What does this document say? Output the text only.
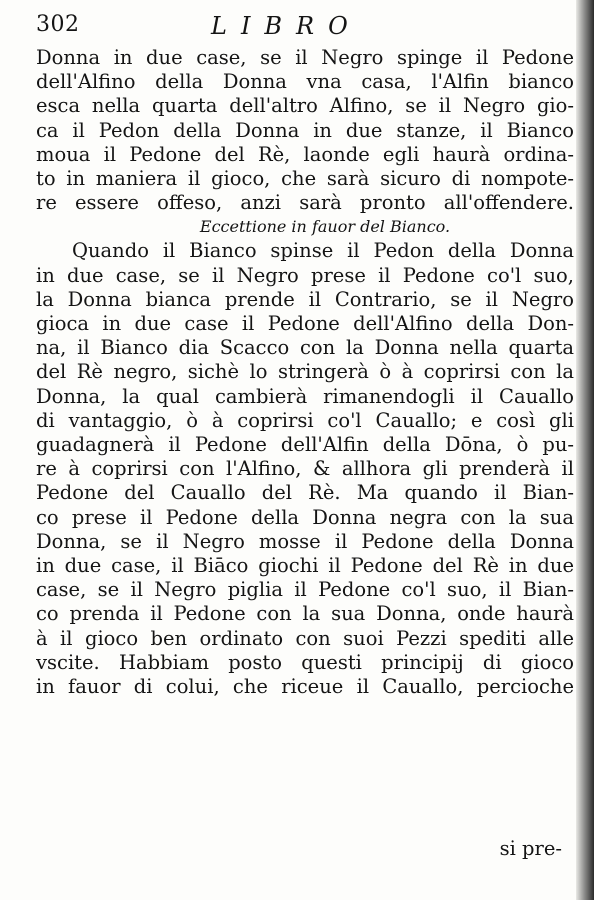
302	LIBRO
Donna in due case, se il Negro spinge il Pedone
dell'Alfino della Donna vna casa, l'Alfin bianco
esca nella quarta dell'altro Alfino, se il Negro gio-
ca il Pedon della Donna in due stanze, il Bianco
moua il Pedone del Rè, laonde egli haurà ordina-
to in maniera il gioco, che sarà sicuro di nompote-
re essere offeso, anzi sarà pronto all'offendere.
Eccettione in fauor del Bianco.
Quando il Bianco spinse il Pedon della Donna
in due case, se il Negro prese il Pedone co'l suo,
la Donna bianca prende il Contrario, se il Negro
gioca in due case il Pedone dell'Alfino della Don-
na, il Bianco dia Scacco con la Donna nella quarta
del Rè negro, sichè lo stringerà ò à coprirsi con la
Donna, la qual cambierà rimanendogli il Cauallo
di vantaggio, ò à coprirsi co'l Cauallo; e così gli
guadagnerà il Pedone dell'Alfin della Dōna, ò pu-
re à coprirsi con l'Alfino, & allhora gli prenderà il
Pedone del Cauallo del Rè. Ma quando il Bian-
co prese il Pedone della Donna negra con la sua
Donna, se il Negro mosse il Pedone della Donna
in due case, il Biāco giochi il Pedone del Rè in due
case, se il Negro piglia il Pedone co'l suo, il Bian-
co prenda il Pedone con la sua Donna, onde haurà
à il gioco ben ordinato con suoi Pezzi spediti alle
vscite. Habbiam posto questi principij di gioco
in fauor di colui, che riceue il Cauallo, percioche
si pre-
